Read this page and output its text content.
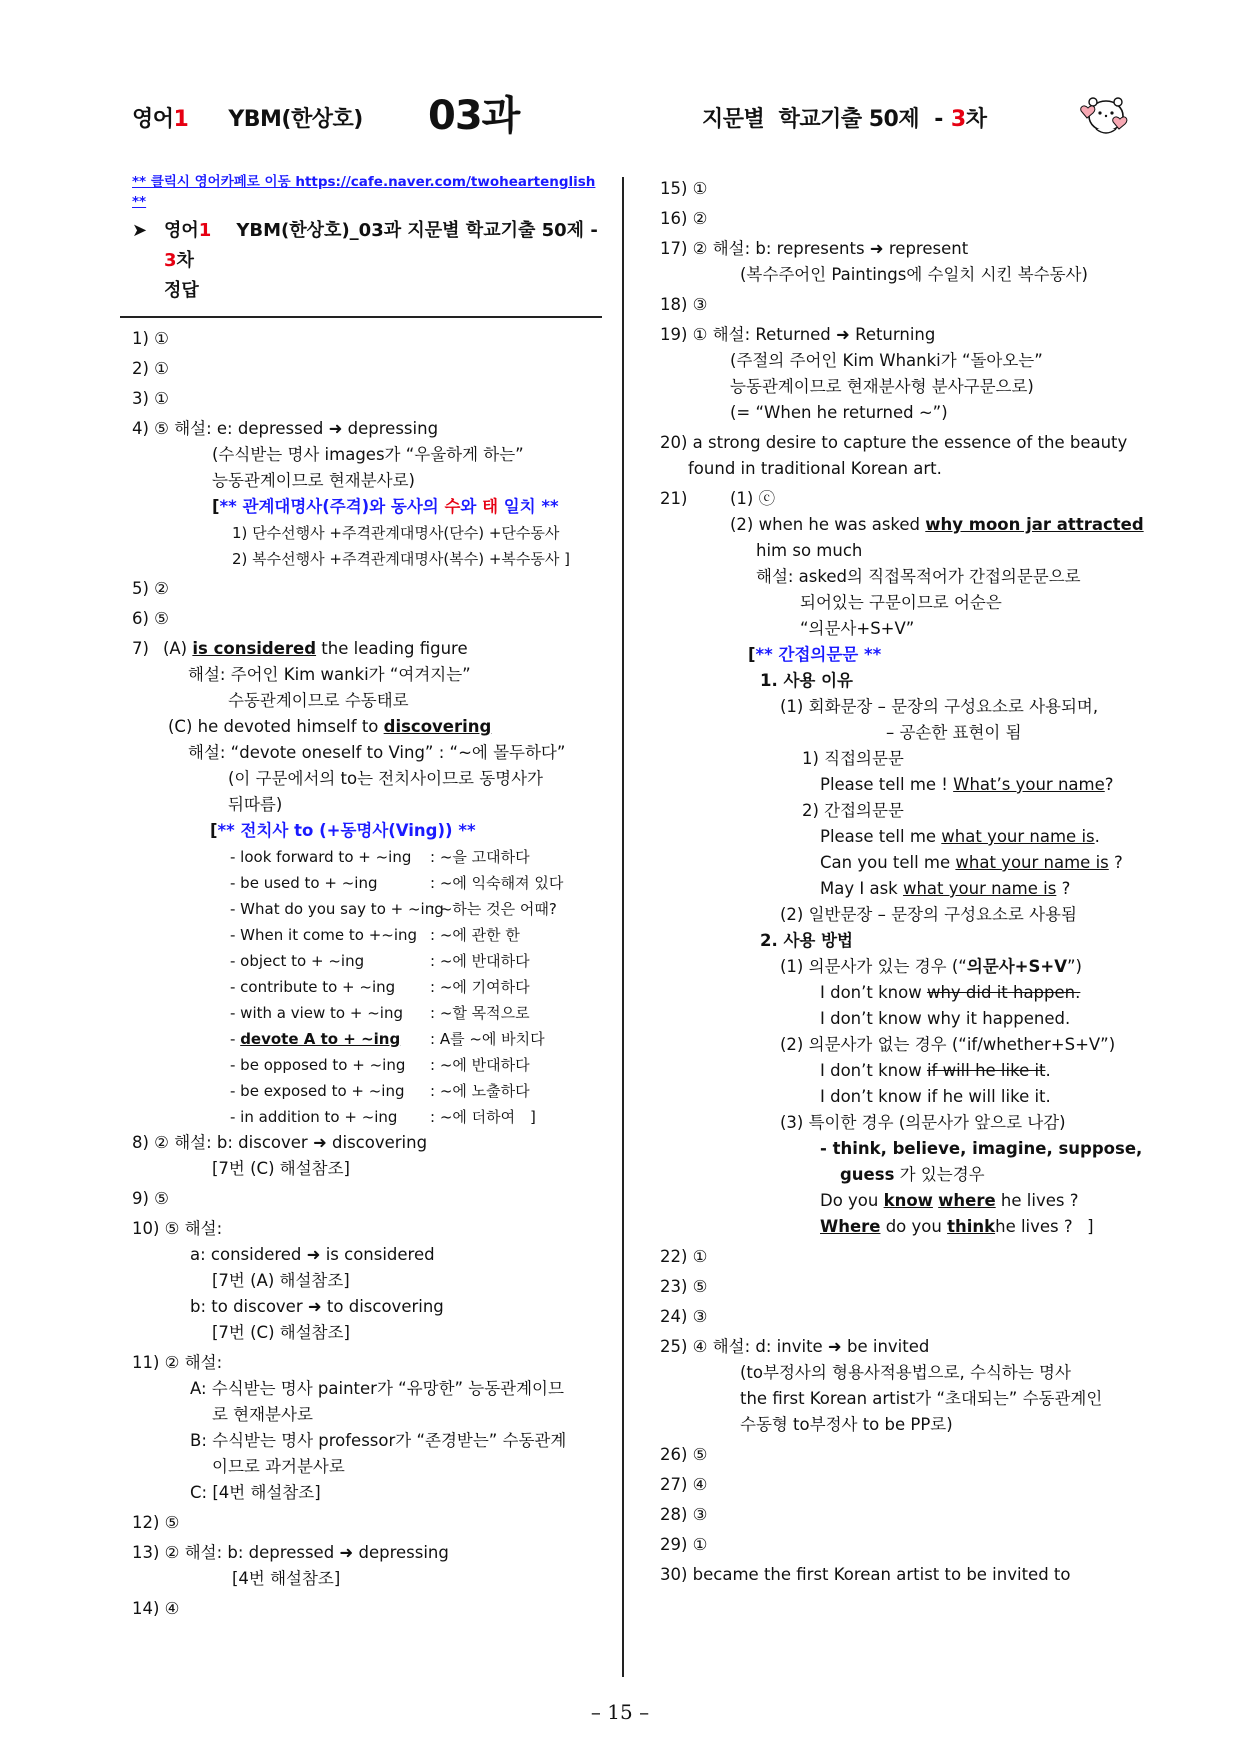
영어1 YBM(한상호) 03과	지문별  학교기출 50제 - 3차
** 클릭시 영어카페로 이동 https://cafe.naver.com/twoheartenglish **
➤ 영어1 YBM(한상호)_03과 지문별 학교기출 50제 - 3차
정답
1) ①
2) ①
3) ①
4) ⑤ 해설: e: depressed ➜ depressing
(수식받는 명사 images가 “우울하게 하는”
능동관계이므로 현재분사로)
[** 관계대명사(주격)와 동사의 수와 태 일치 **
1) 단수선행사 +주격관계대명사(단수) +단수동사
2) 복수선행사 +주격관계대명사(복수) +복수동사 ]
5) ②
6) ⑤
7) (A) is considered the leading figure
해설: 주어인 Kim wanki가 “여겨지는”
수동관계이므로 수동태로
(C) he devoted himself to discovering
해설: “devote oneself to Ving” : “~에 몰두하다”
(이 구문에서의 to는 전치사이므로 동명사가
뒤따름)
[** 전치사 to (+동명사(Ving)) **
- look forward to + ~ing : ~을 고대하다
- be used to + ~ing	: ~에 익숙해져 있다
- What do you say to + ~ing: ~하는 것은 어때?
- When it come to +~ing : ~에 관한 한
- object to + ~ing	: ~에 반대하다
- contribute to + ~ing : ~에 기여하다
- with a view to + ~ing : ~할 목적으로
- devote A to + ~ing : A를 ~에 바치다
- be opposed to + ~ing : ~에 반대하다
- be exposed to + ~ing : ~에 노출하다
- in addition to + ~ing : ~에 더하여 ]
8) ② 해설: b: discover ➜ discovering
[7번 (C) 해설참조]
9) ⑤
10) ⑤ 해설:
a: considered ➜ is considered
[7번 (A) 해설참조]
b: to discover ➜ to discovering
[7번 (C) 해설참조]
11) ② 해설:
A: 수식받는 명사 painter가 “유망한” 능동관계이므
로 현재분사로
B: 수식받는 명사 professor가 “존경받는” 수동관계
이므로 과거분사로
C: [4번 해설참조]
12) ⑤
13) ② 해설: b: depressed ➜ depressing
[4번 해설참조]
14) ④
15) ①
16) ②
17) ② 해설: b: represents ➜ represent
(복수주어인 Paintings에 수일치 시킨 복수동사)
18) ③
19) ① 해설: Returned ➜ Returning
(주절의 주어인 Kim Whanki가 “돌아오는”
능동관계이므로 현재분사형 분사구문으로)
(= “When he returned ~”)
20) a strong desire to capture the essence of the beauty
found in traditional Korean art.
21)	(1) ⓒ
(2) when he was asked why moon jar attracted
him so much
해설: asked의 직접목적어가 간접의문문으로
되어있는 구문이므로 어순은
“의문사+S+V”
[** 간접의문문 **
1. 사용 이유
(1) 회화문장 – 문장의 구성요소로 사용되며,
– 공손한 표현이 됨
1) 직접의문문
Please tell me ! What’s your name?
2) 간접의문문
Please tell me what your name is.
Can you tell me what your name is ?
May I ask what your name is ?
(2) 일반문장 – 문장의 구성요소로 사용됨
2. 사용 방법
(1) 의문사가 있는 경우 (“의문사+S+V”)
I don’t know why did it happen.
I don’t know why it happened.
(2) 의문사가 없는 경우 (“if/whether+S+V”)
I don’t know if will he like it.
I don’t know if he will like it.
(3) 특이한 경우 (의문사가 앞으로 나감)
- think, believe, imagine, suppose,
guess 가 있는경우
Do you know where he lives ?
Where do you thinkhe lives ? ]
22) ①
23) ⑤
24) ③
25) ④ 해설: d: invite ➜ be invited
(to부정사의 형용사적용법으로, 수식하는 명사
the first Korean artist가 “초대되는” 수동관계인
수동형 to부정사 to be PP로)
26) ⑤
27) ④
28) ③
29) ①
30) became the first Korean artist to be invited to
– 15 –
